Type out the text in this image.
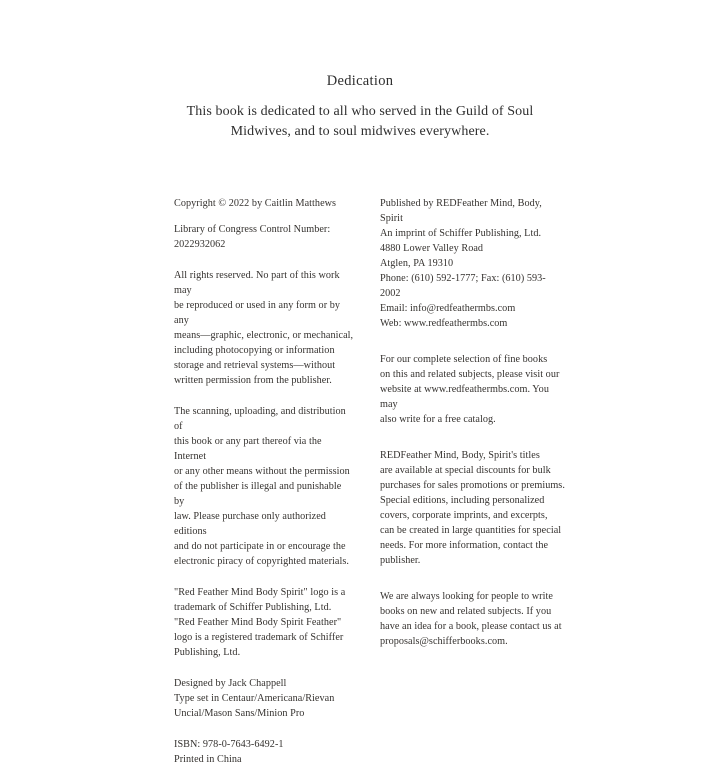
Dedication
This book is dedicated to all who served in the Guild of Soul
Midwives, and to soul midwives everywhere.

Copyright © 2022 by Caitlin Matthews

Library of Congress Control Number:
2022932062

All rights reserved. No part of this work may
be reproduced or used in any form or by any
means—graphic, electronic, or mechanical,
including photocopying or information
storage and retrieval systems—without
written permission from the publisher.

The scanning, uploading, and distribution of
this book or any part thereof via the Internet
or any other means without the permission
of the publisher is illegal and punishable by
law. Please purchase only authorized editions
and do not participate in or encourage the
electronic piracy of copyrighted materials.

"Red Feather Mind Body Spirit" logo is a
trademark of Schiffer Publishing, Ltd.
"Red Feather Mind Body Spirit Feather"
logo is a registered trademark of Schiffer
Publishing, Ltd.

Designed by Jack Chappell
Type set in Centaur/Americana/Rievan
Uncial/Mason Sans/Minion Pro

ISBN: 978-0-7643-6492-1
Printed in China

Published by REDFeather Mind, Body, Spirit
An imprint of Schiffer Publishing, Ltd.
4880 Lower Valley Road
Atglen, PA 19310
Phone: (610) 592-1777; Fax: (610) 593-
2002
Email: info@redfeathermbs.com
Web: www.redfeathermbs.com

For our complete selection of fine books
on this and related subjects, please visit our
website at www.redfeathermbs.com. You may
also write for a free catalog.

REDFeather Mind, Body, Spirit's titles
are available at special discounts for bulk
purchases for sales promotions or premiums.
Special editions, including personalized
covers, corporate imprints, and excerpts,
can be created in large quantities for special
needs. For more information, contact the
publisher.

We are always looking for people to write
books on new and related subjects. If you
have an idea for a book, please contact us at
proposals@schifferbooks.com.
